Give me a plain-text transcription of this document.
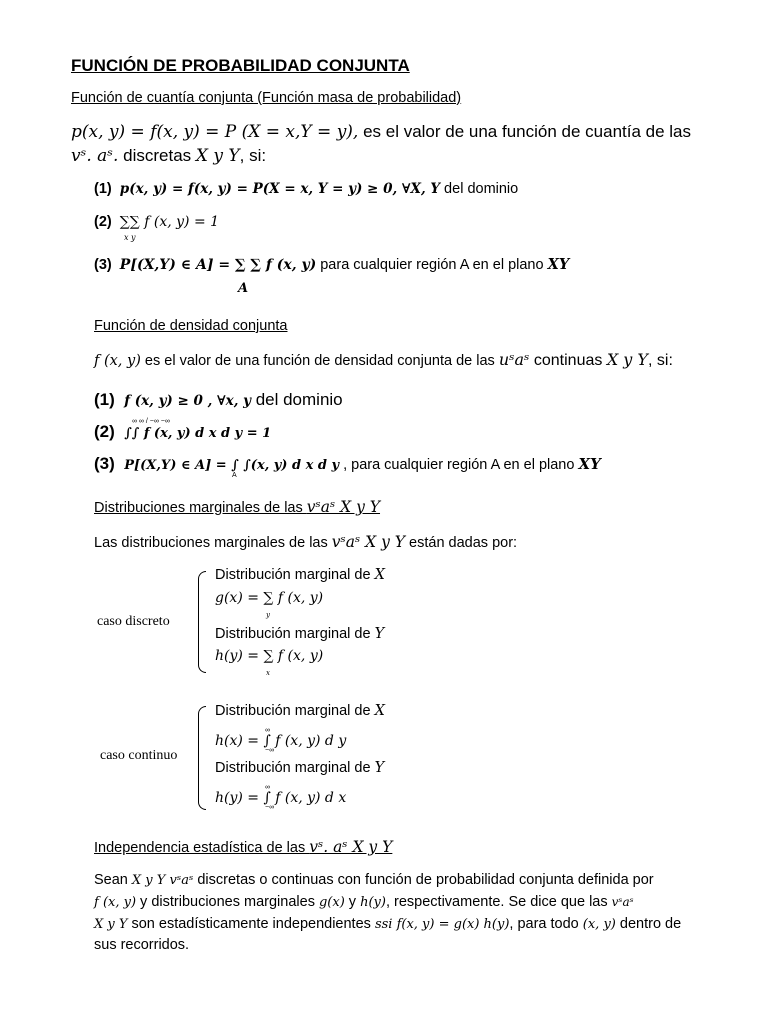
FUNCIÓN DE PROBABILIDAD CONJUNTA
Función de cuantía conjunta (Función masa de probabilidad)
p(x, y) = f(x, y) = P (X = x,Y = y), es el valor de una función de cuantía de las
vˢ. aˢ. discretas X y Y, si:
(1) p(x, y) = f(x, y) = P(X = x, Y = y) ≥ 0, ∀X, Y del dominio
(2) ∑∑ f (x, y) = 1
x y
(3) P[(X,Y) ∈ A] = ∑ ∑ f (x, y) para cualquier región A en el plano XY
A
Función de densidad conjunta
f (x, y) es el valor de una función de densidad conjunta de las uˢaˢ continuas X y Y, si:
(1) f (x, y) ≥ 0 , ∀x, y del dominio
(2) ∫∫ f (x, y) d x d y = 1
∞ ∞ / −∞ −∞
(3) P[(X,Y) ∈ A] = ∫ ∫(x, y) d x d y , para cualquier región A en el plano XY
A
Distribuciones marginales de las vˢaˢ X y Y
Las distribuciones marginales de las vˢaˢ X y Y están dadas por:
caso discreto
Distribución marginal de X
g(x) = ∑ f (x, y)
y
Distribución marginal de Y
h(y) = ∑ f (x, y)
x
caso continuo
Distribución marginal de X
h(x) = ∫ f (x, y) d y
∞
−∞
Distribución marginal de Y
h(y) = ∫ f (x, y) d x
∞
−∞
Independencia estadística de las vˢ. aˢ X y Y
Sean X y Y vˢaˢ discretas o continuas con función de probabilidad conjunta definida por
f (x, y) y distribuciones marginales g(x) y h(y), respectivamente. Se dice que las vˢaˢ
X y Y son estadísticamente independientes ssi f(x, y) = g(x) h(y), para todo (x, y) dentro de
sus recorridos.
